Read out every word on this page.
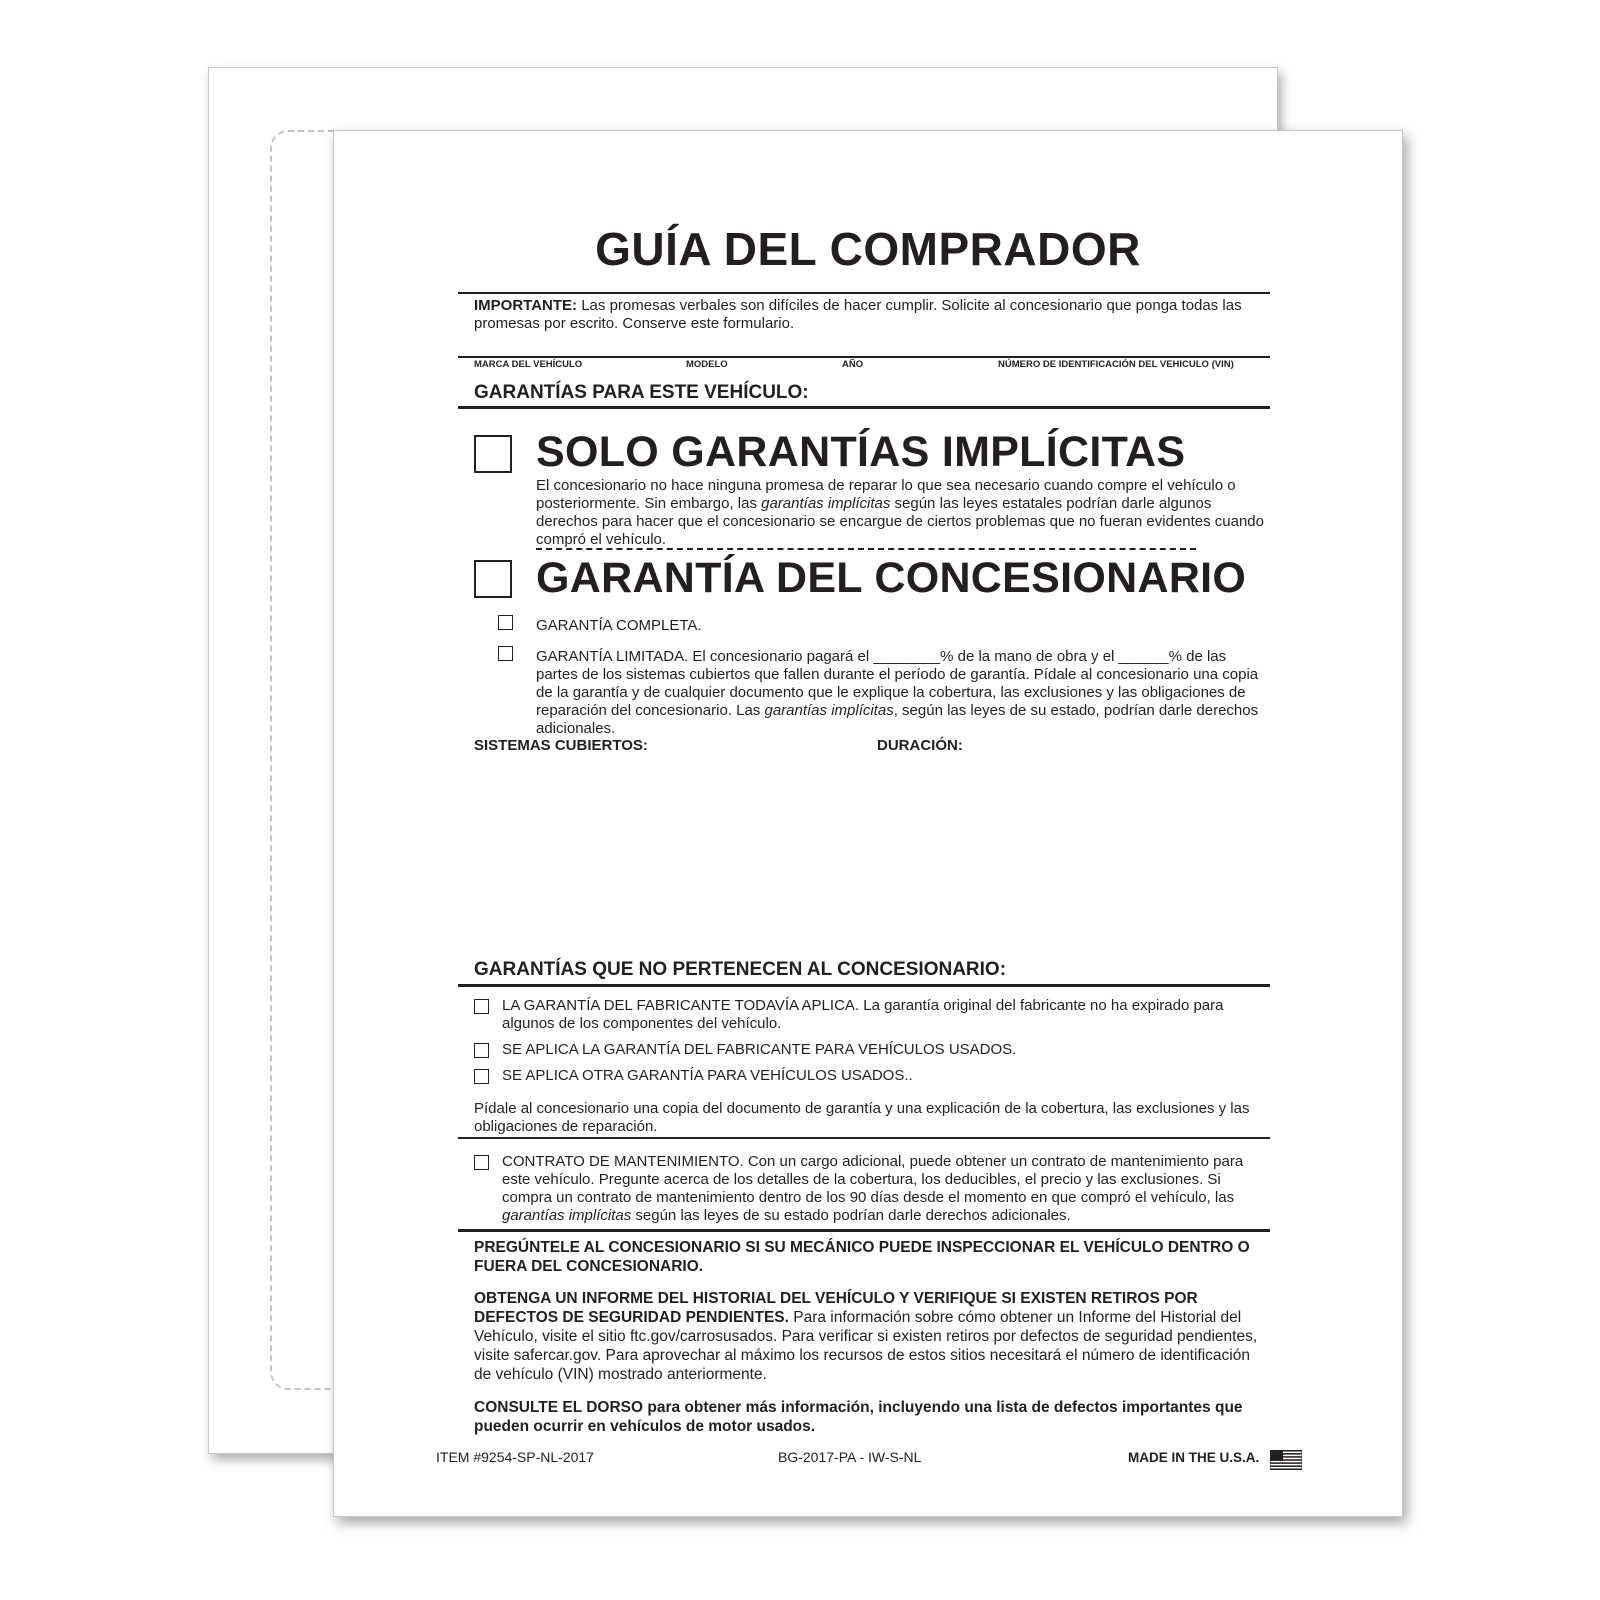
GUÍA DEL COMPRADOR
IMPORTANTE: Las promesas verbales son difíciles de hacer cumplir. Solicite al concesionario que ponga todas las promesas por escrito. Conserve este formulario.
MARCA DEL VEHÍCULO	MODELO	AÑO	NÚMERO DE IDENTIFICACIÓN DEL VEHICULO (VIN)
GARANTÍAS PARA ESTE VEHÍCULO:
SOLO GARANTÍAS IMPLÍCITAS
El concesionario no hace ninguna promesa de reparar lo que sea necesario cuando compre el vehículo o posteriormente. Sin embargo, las garantías implícitas según las leyes estatales podrían darle algunos derechos para hacer que el concesionario se encargue de ciertos problemas que no fueran evidentes cuando compró el vehículo.
GARANTÍA DEL CONCESIONARIO
GARANTÍA COMPLETA.
GARANTÍA LIMITADA. El concesionario pagará el ________% de la mano de obra y el ______% de las partes de los sistemas cubiertos que fallen durante el período de garantía. Pídale al concesionario una copia de la garantía y de cualquier documento que le explique la cobertura, las exclusiones y las obligaciones de reparación del concesionario. Las garantías implícitas, según las leyes de su estado, podrían darle derechos adicionales.
SISTEMAS CUBIERTOS:	DURACIÓN:
GARANTÍAS QUE NO PERTENECEN AL CONCESIONARIO:
LA GARANTÍA DEL FABRICANTE TODAVÍA APLICA. La garantía original del fabricante no ha expirado para algunos de los componentes del vehículo.
SE APLICA LA GARANTÍA DEL FABRICANTE PARA VEHÍCULOS USADOS.
SE APLICA OTRA GARANTÍA PARA VEHÍCULOS USADOS..
Pídale al concesionario una copia del documento de garantía y una explicación de la cobertura, las exclusiones y las obligaciones de reparación.
CONTRATO DE MANTENIMIENTO. Con un cargo adicional, puede obtener un contrato de mantenimiento para este vehículo. Pregunte acerca de los detalles de la cobertura, los deducibles, el precio y las exclusiones. Si compra un contrato de mantenimiento dentro de los 90 días desde el momento en que compró el vehículo, las garantías implícitas según las leyes de su estado podrían darle derechos adicionales.
PREGÚNTELE AL CONCESIONARIO SI SU MECÁNICO PUEDE INSPECCIONAR EL VEHÍCULO DENTRO O FUERA DEL CONCESIONARIO.
OBTENGA UN INFORME DEL HISTORIAL DEL VEHÍCULO Y VERIFIQUE SI EXISTEN RETIROS POR DEFECTOS DE SEGURIDAD PENDIENTES. Para información sobre cómo obtener un Informe del Historial del Vehículo, visite el sitio ftc.gov/carrosusados. Para verificar si existen retiros por defectos de seguridad pendientes, visite safercar.gov. Para aprovechar al máximo los recursos de estos sitios necesitará el número de identificación de vehículo (VIN) mostrado anteriormente.
CONSULTE EL DORSO para obtener más información, incluyendo una lista de defectos importantes que pueden ocurrir en vehículos de motor usados.
ITEM #9254-SP-NL-2017	BG-2017-PA - IW-S-NL	MADE IN THE U.S.A.
